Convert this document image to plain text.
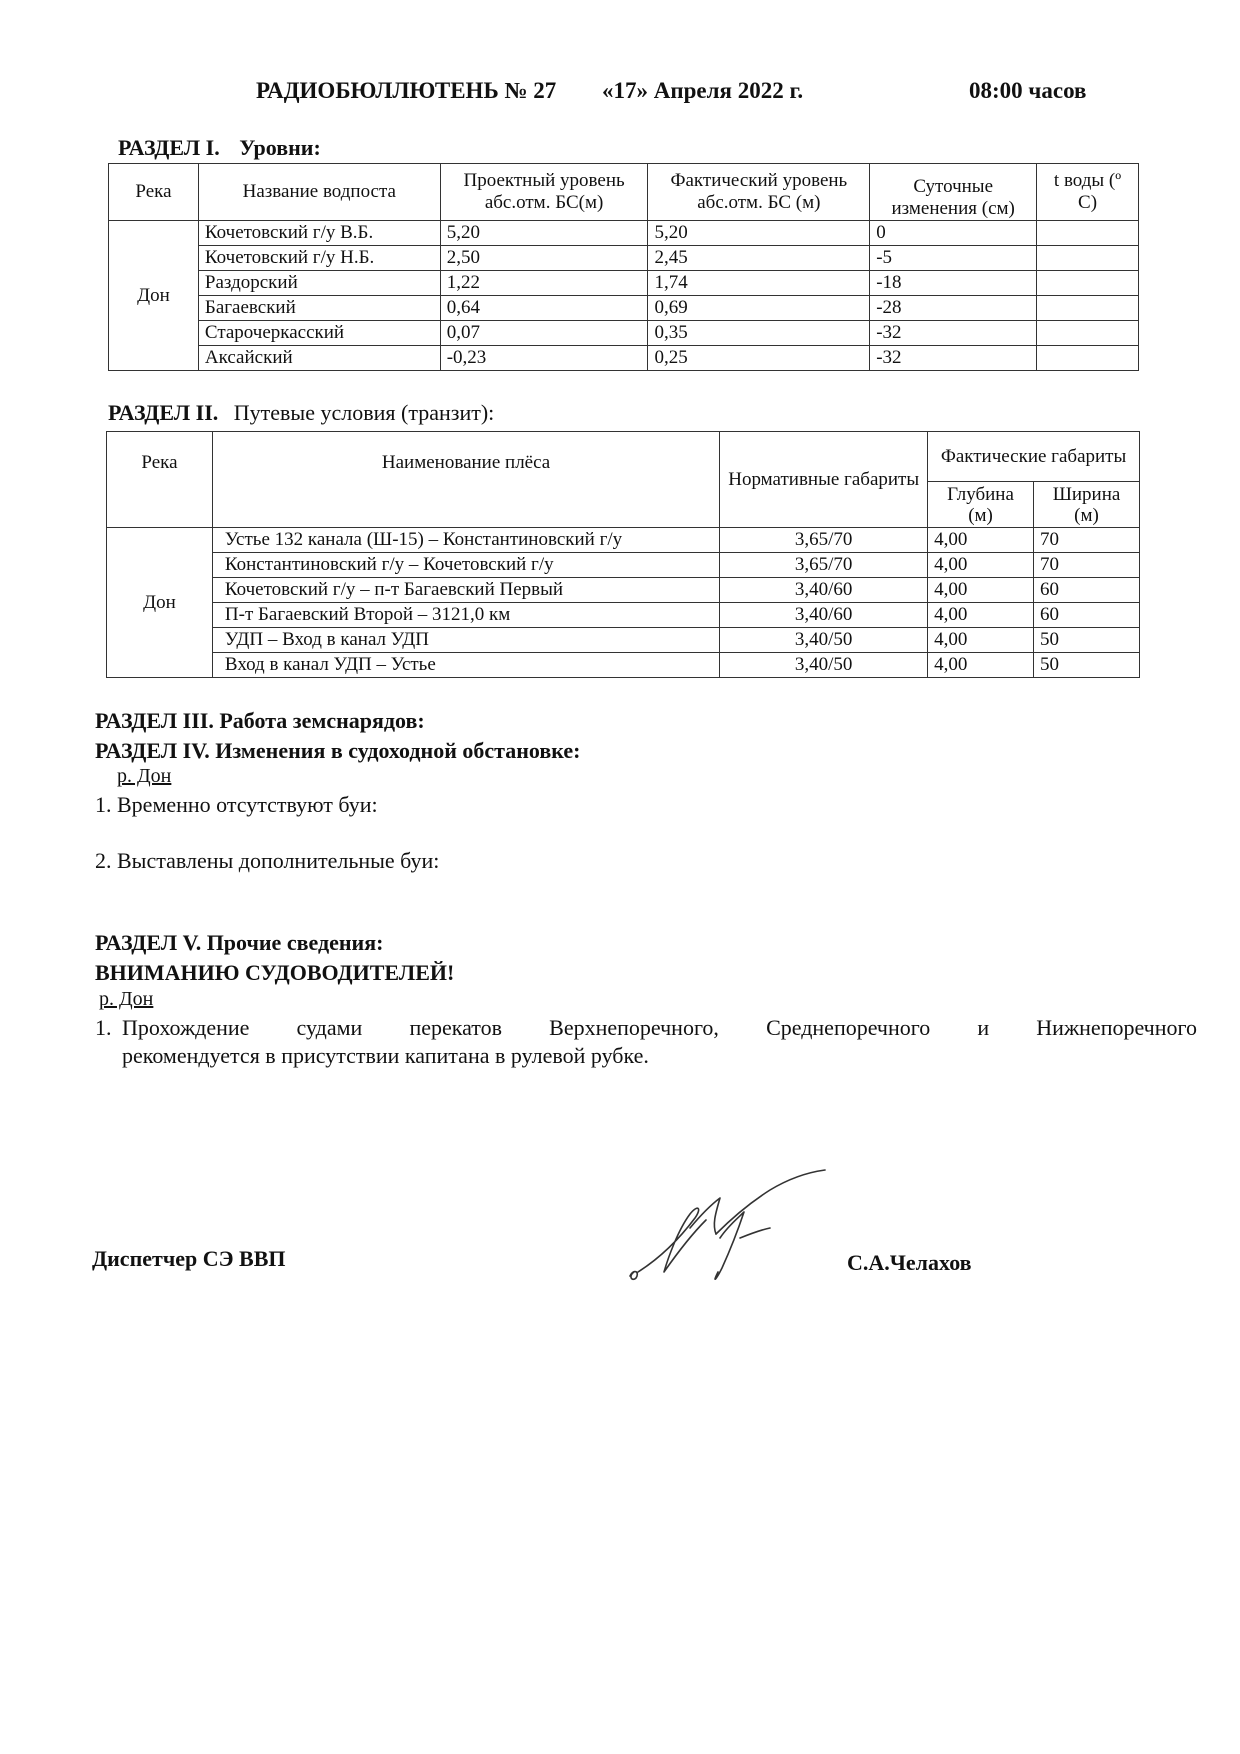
РАДИОБЮЛЛЮТЕНЬ № 27 «17» Апреля 2022 г.	08:00 часов
РАЗДЕЛ I. Уровни:
Река	Название водпоста	Проектный уровень абс.отм. БС(м)	Фактический уровень абс.отм. БС (м)	Суточные изменения (см)	t воды (º C)
Дон	Кочетовский г/у В.Б.	5,20	5,20	0	
	Кочетовский г/у Н.Б.	2,50	2,45	-5	
	Раздорский	1,22	1,74	-18	
	Багаевский	0,64	0,69	-28	
	Старочеркасский	0,07	0,35	-32	
	Аксайский	-0,23	0,25	-32	
РАЗДЕЛ II. Путевые условия (транзит):
Река	Наименование плёса	Нормативные габариты	Фактические габариты	
			Глубина (м)	Ширина (м)
Дон	Устье 132 канала (Ш-15) – Константиновский г/у	3,65/70	4,00	70
	Константиновский г/у – Кочетовский г/у	3,65/70	4,00	70
	Кочетовский г/у – п-т Багаевский Первый	3,40/60	4,00	60
	П-т Багаевский Второй – 3121,0 км	3,40/60	4,00	60
	УДП – Вход в канал УДП	3,40/50	4,00	50
	Вход в канал УДП – Устье	3,40/50	4,00	50
РАЗДЕЛ III. Работа земснарядов:
РАЗДЕЛ IV. Изменения в судоходной обстановке:
р. Дон
1. Временно отсутствуют буи:
2. Выставлены дополнительные буи:
РАЗДЕЛ V. Прочие сведения:
ВНИМАНИЮ СУДОВОДИТЕЛЕЙ!
р. Дон
1. Прохождение судами перекатов Верхнепоречного, Среднепоречного и Нижнепоречного
рекомендуется в присутствии капитана в рулевой рубке.
Диспетчер СЭ ВВП	С.А.Челахов
